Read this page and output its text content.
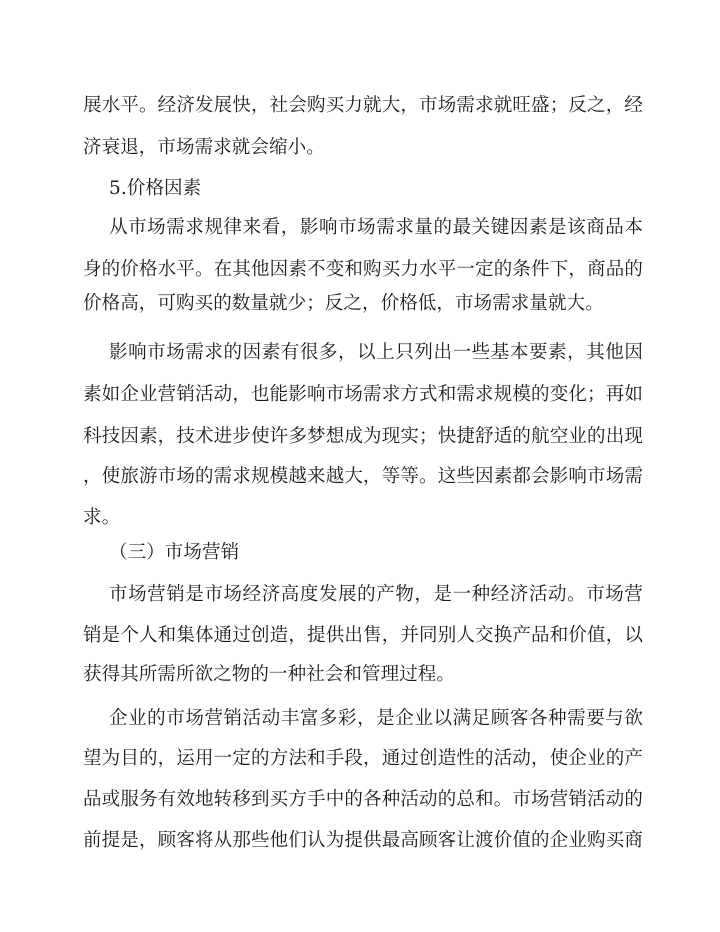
展水平。经济发展快，社会购买力就大，市场需求就旺盛；反之，经
济衰退，市场需求就会缩小。
5.价格因素
从市场需求规律来看，影响市场需求量的最关键因素是该商品本
身的价格水平。在其他因素不变和购买力水平一定的条件下，商品的
价格高，可购买的数量就少；反之，价格低，市场需求量就大。
影响市场需求的因素有很多，以上只列出一些基本要素，其他因
素如企业营销活动，也能影响市场需求方式和需求规模的变化；再如
科技因素，技术进步使许多梦想成为现实；快捷舒适的航空业的出现
，使旅游市场的需求规模越来越大，等等。这些因素都会影响市场需
求。
（三）市场营销
市场营销是市场经济高度发展的产物，是一种经济活动。市场营
销是个人和集体通过创造，提供出售，并同别人交换产品和价值，以
获得其所需所欲之物的一种社会和管理过程。
企业的市场营销活动丰富多彩，是企业以满足顾客各种需要与欲
望为目的，运用一定的方法和手段，通过创造性的活动，使企业的产
品或服务有效地转移到买方手中的各种活动的总和。市场营销活动的
前提是，顾客将从那些他们认为提供最高顾客让渡价值的企业购买商
